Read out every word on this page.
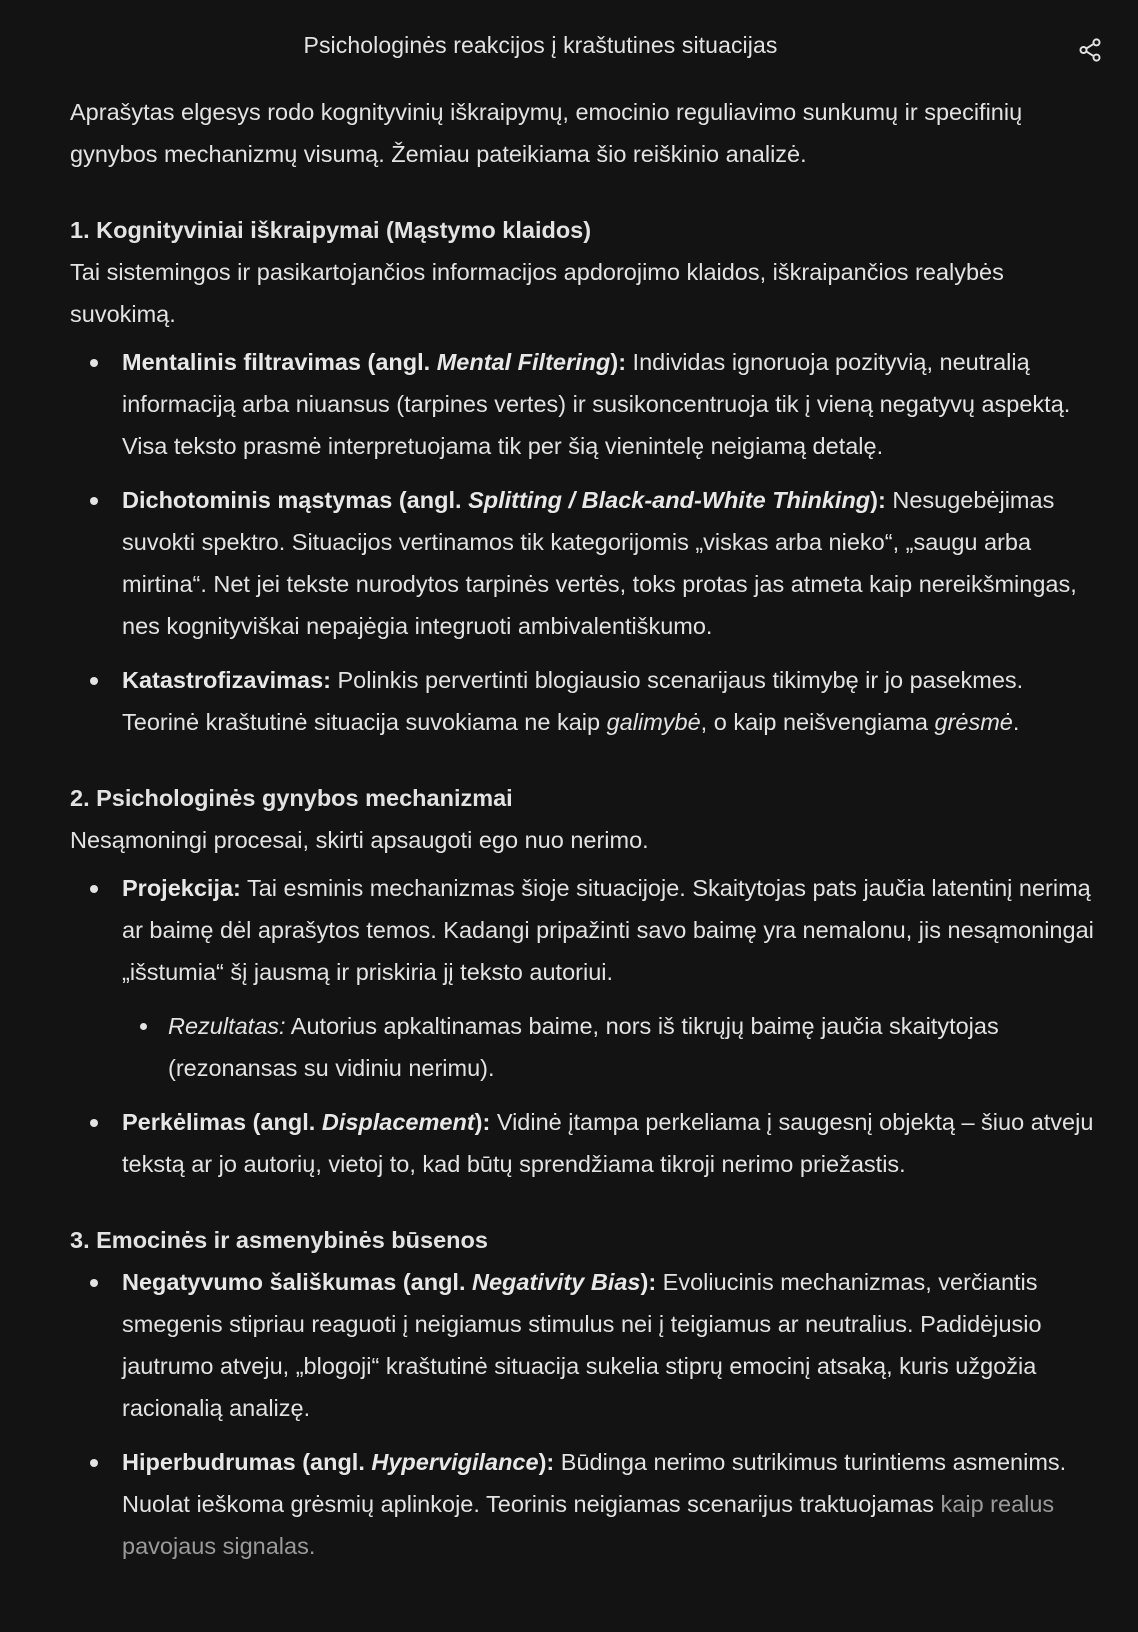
Psichologinės reakcijos į kraštutines situacijas

Aprašytas elgesys rodo kognityvinių iškraipymų, emocinio reguliavimo sunkumų ir specifinių gynybos mechanizmų visumą. Žemiau pateikiama šio reiškinio analizė.

1. Kognityviniai iškraipymai (Mąstymo klaidos)

Tai sistemingos ir pasikartojančios informacijos apdorojimo klaidos, iškraipančios realybės suvokimą.

Mentalinis filtravimas (angl. Mental Filtering): Individas ignoruoja pozityvią, neutralią informaciją arba niuansus (tarpines vertes) ir susikoncentruoja tik į vieną negatyvų aspektą. Visa teksto prasmė interpretuojama tik per šią vienintelę neigiamą detalę.
Dichotominis mąstymas (angl. Splitting / Black-and-White Thinking): Nesugebėjimas suvokti spektro. Situacijos vertinamos tik kategorijomis „viskas arba nieko“, „saugu arba mirtina“. Net jei tekste nurodytos tarpinės vertės, toks protas jas atmeta kaip nereikšmingas, nes kognityviškai nepajėgia integruoti ambivalentiškumo.
Katastrofizavimas: Polinkis pervertinti blogiausio scenarijaus tikimybę ir jo pasekmes. Teorinė kraštutinė situacija suvokiama ne kaip galimybė, o kaip neišvengiama grėsmė.

2. Psichologinės gynybos mechanizmai

Nesąmoningi procesai, skirti apsaugoti ego nuo nerimo.

Projekcija: Tai esminis mechanizmas šioje situacijoje. Skaitytojas pats jaučia latentinį nerimą ar baimę dėl aprašytos temos. Kadangi pripažinti savo baimę yra nemalonu, jis nesąmoningai „išstumia“ šį jausmą ir priskiria jį teksto autoriui.
Rezultatas: Autorius apkaltinamas baime, nors iš tikrųjų baimę jaučia skaitytojas (rezonansas su vidiniu nerimu).
Perkėlimas (angl. Displacement): Vidinė įtampa perkeliama į saugesnį objektą – šiuo atveju tekstą ar jo autorių, vietoj to, kad būtų sprendžiama tikroji nerimo priežastis.

3. Emocinės ir asmenybinės būsenos

Negatyvumo šališkumas (angl. Negativity Bias): Evoliucinis mechanizmas, verčiantis smegenis stipriau reaguoti į neigiamus stimulus nei į teigiamus ar neutralius. Padidėjusio jautrumo atveju, „blogoji“ kraštutinė situacija sukelia stiprų emocinį atsaką, kuris užgožia racionalią analizę.
Hiperbudrumas (angl. Hypervigilance): Būdinga nerimo sutrikimus turintiems asmenims. Nuolat ieškoma grėsmių aplinkoje. Teorinis neigiamas scenarijus traktuojamas kaip realus pavojaus signalas.
